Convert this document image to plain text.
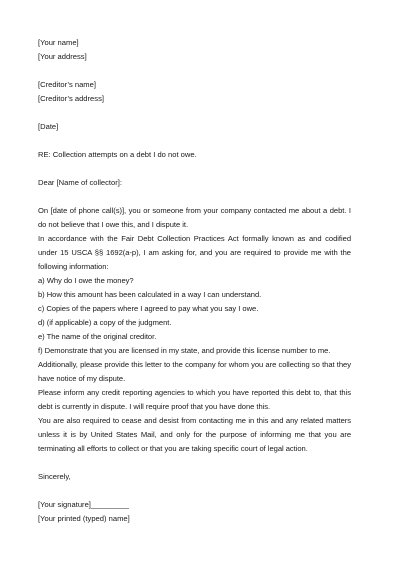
[Your name]
[Your address]
[Creditor’s name]
[Creditor’s address]
[Date]
RE: Collection attempts on a debt I do not owe.
Dear [Name of collector]:
On [date of phone call(s)], you or someone from your company contacted me about a debt. I do not believe that I owe this, and I dispute it.
In accordance with the Fair Debt Collection Practices Act formally known as and codified under 15 USCA §§ 1692(a-p), I am asking for, and you are required to provide me with the following information:
a) Why do I owe the money?
b) How this amount has been calculated in a way I can understand.
c) Copies of the papers where I agreed to pay what you say I owe.
d) (if applicable) a copy of the judgment.
e) The name of the original creditor.
f) Demonstrate that you are licensed in my state, and provide this license number to me.
Additionally, please provide this letter to the company for whom you are collecting so that they have notice of my dispute.
Please inform any credit reporting agencies to which you have reported this debt to, that this debt is currently in dispute. I will require proof that you have done this.
You are also required to cease and desist from contacting me in this and any related matters unless it is by United States Mail, and only for the purpose of informing me that you are terminating all efforts to collect or that you are taking specific court of legal action.
Sincerely,
[Your signature]_________
[Your printed (typed) name]
